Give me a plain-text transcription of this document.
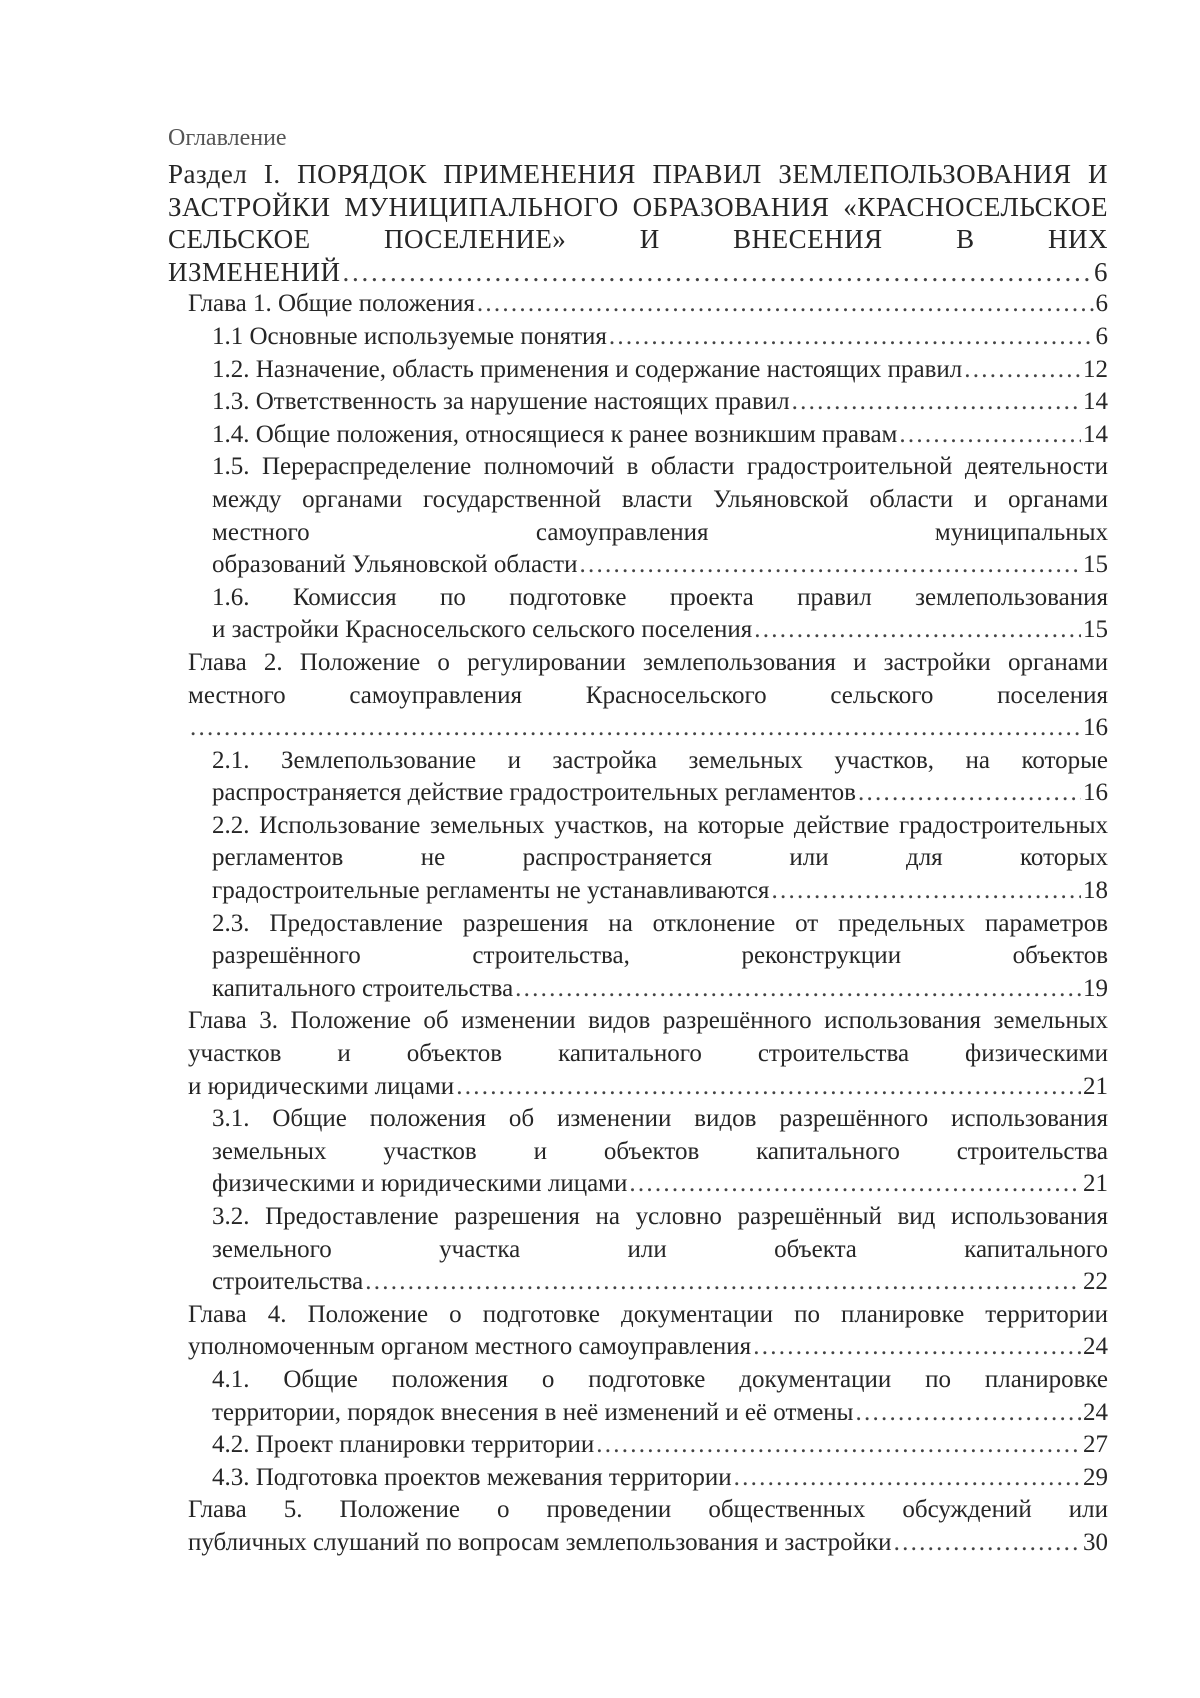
Оглавление
Раздел I. ПОРЯДОК ПРИМЕНЕНИЯ ПРАВИЛ ЗЕМЛЕПОЛЬЗОВАНИЯ И ЗАСТРОЙКИ МУНИЦИПАЛЬНОГО ОБРАЗОВАНИЯ «КРАСНОСЕЛЬСКОЕ СЕЛЬСКОЕ ПОСЕЛЕНИЕ» И ВНЕСЕНИЯ В НИХ
ИЗМЕНЕНИЙ . . .	6
Глава 1. Общие положения . . .	6
1.1 Основные используемые понятия . . .	6
1.2. Назначение, область применения и содержание настоящих правил . . .	12
1.3. Ответственность за нарушение настоящих правил . . .	14
1.4. Общие положения, относящиеся к ранее возникшим правам . . .	14
1.5. Перераспределение полномочий в области градостроительной деятельности между органами государственной власти Ульяновской области и органами местного самоуправления муниципальных
образований Ульяновской области . . .	15
1.6. Комиссия по подготовке проекта правил землепользования
и застройки Красносельского сельского поселения . . .	15
Глава 2. Положение о регулировании землепользования и застройки органами местного самоуправления Красносельского сельского поселения
. . .
16
2.1. Землепользование и застройка земельных участков, на которые
распространяется действие градостроительных регламентов . . .	16
2.2. Использование земельных участков, на которые действие градостроительных регламентов не распространяется или для которых
градостроительные регламенты не устанавливаются . . .	18
2.3. Предоставление разрешения на отклонение от предельных параметров разрешённого строительства, реконструкции объектов
капитального строительства . . .	19
Глава 3. Положение об изменении видов разрешённого использования земельных участков и объектов капитального строительства физическими
и юридическими лицами . . .	21
3.1. Общие положения об изменении видов разрешённого использования земельных участков и объектов капитального строительства
физическими и юридическими лицами . . .	21
3.2. Предоставление разрешения на условно разрешённый вид использования земельного участка или объекта капитального
строительства . . .	22
Глава 4. Положение о подготовке документации по планировке территории
уполномоченным органом местного самоуправления . . .	24
4.1. Общие положения о подготовке документации по планировке
территории, порядок внесения в неё изменений и её отмены . . .	24
4.2. Проект планировки территории . . .	27
4.3. Подготовка проектов межевания территории . . .	29
Глава 5. Положение о проведении общественных обсуждений или
публичных слушаний по вопросам землепользования и застройки . . .	30
